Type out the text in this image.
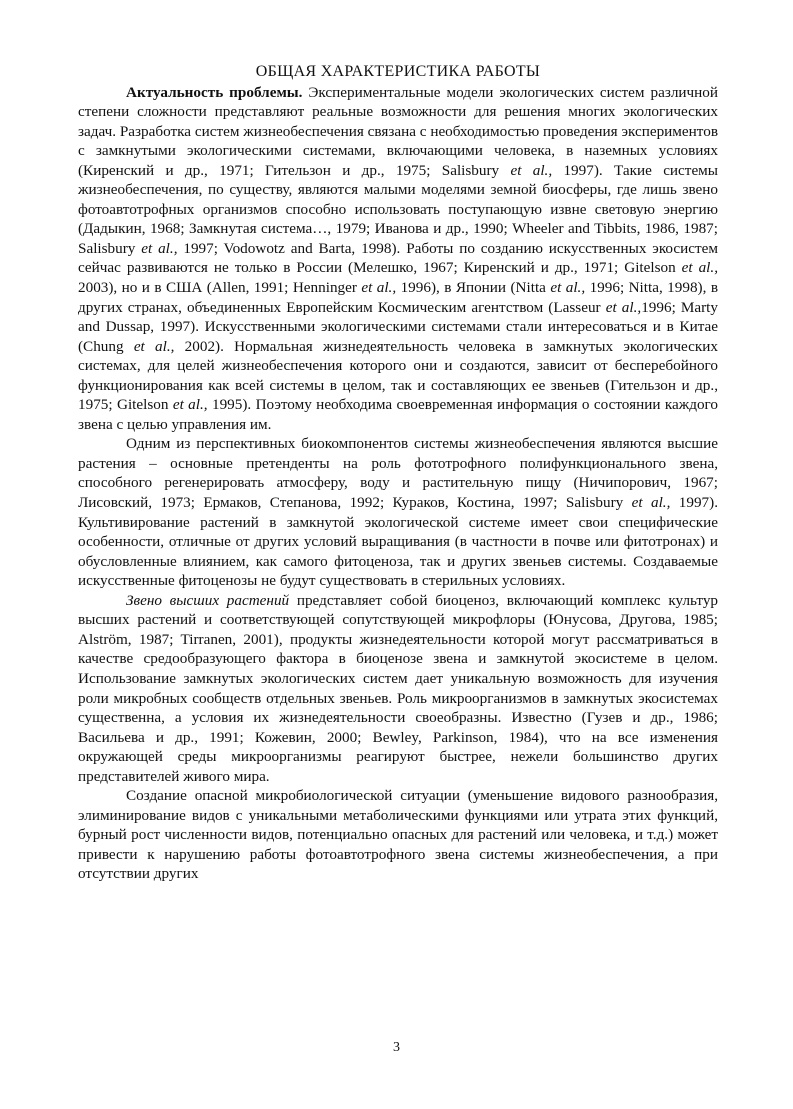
ОБЩАЯ ХАРАКТЕРИСТИКА РАБОТЫ

Актуальность проблемы. Экспериментальные модели экологических систем различной степени сложности представляют реальные возможности для решения многих экологических задач. Разработка систем жизнеобеспечения связана с необходимостью проведения экспериментов с замкнутыми экологическими системами, включающими человека, в наземных условиях (Киренский и др., 1971; Гительзон и др., 1975; Salisbury et al., 1997). Такие системы жизнеобеспечения, по существу, являются малыми моделями земной биосферы, где лишь звено фотоавтотрофных организмов способно использовать поступающую извне световую энергию (Дадыкин, 1968; Замкнутая система…, 1979; Иванова и др., 1990; Wheeler and Tibbits, 1986, 1987; Salisbury et al., 1997; Vodowotz and Barta, 1998). Работы по созданию искусственных экосистем сейчас развиваются не только в России (Мелешко, 1967; Киренский и др., 1971; Gitelson et al., 2003), но и в США (Allen, 1991; Henninger et al., 1996), в Японии (Nitta et al., 1996; Nitta, 1998), в других странах, объединенных Европейским Космическим агентством (Lasseur et al.,1996; Marty and Dussap, 1997). Искусственными экологическими системами стали интересоваться и в Китае (Chung et al., 2002). Нормальная жизнедеятельность человека в замкнутых экологических системах, для целей жизнеобеспечения которого они и создаются, зависит от бесперебойного функционирования как всей системы в целом, так и составляющих ее звеньев (Гительзон и др., 1975; Gitelson et al., 1995). Поэтому необходима своевременная информация о состоянии каждого звена с целью управления им.

Одним из перспективных биокомпонентов системы жизнеобеспечения являются высшие растения – основные претенденты на роль фототрофного полифункционального звена, способного регенерировать атмосферу, воду и растительную пищу (Ничипорович, 1967; Лисовский, 1973; Ермаков, Степанова, 1992; Кураков, Костина, 1997; Salisbury et al., 1997). Культивирование растений в замкнутой экологической системе имеет свои специфические особенности, отличные от других условий выращивания (в частности в почве или фитотронах) и обусловленные влиянием, как самого фитоценоза, так и других звеньев системы. Создаваемые искусственные фитоценозы не будут существовать в стерильных условиях.

Звено высших растений представляет собой биоценоз, включающий комплекс культур высших растений и соответствующей сопутствующей микрофлоры (Юнусова, Другова, 1985; Alström, 1987; Tirranen, 2001), продукты жизнедеятельности которой могут рассматриваться в качестве средообразующего фактора в биоценозе звена и замкнутой экосистеме в целом. Использование замкнутых экологических систем дает уникальную возможность для изучения роли микробных сообществ отдельных звеньев. Роль микроорганизмов в замкнутых экосистемах существенна, а условия их жизнедеятельности своеобразны. Известно (Гузев и др., 1986; Васильева и др., 1991; Кожевин, 2000; Bewley, Parkinson, 1984), что на все изменения окружающей среды микроорганизмы реагируют быстрее, нежели большинство других представителей живого мира.

Создание опасной микробиологической ситуации (уменьшение видового разнообразия, элиминирование видов с уникальными метаболическими функциями или утрата этих функций, бурный рост численности видов, потенциально опасных для растений или человека, и т.д.) может привести к нарушению работы фотоавтотрофного звена системы жизнеобеспечения, а при отсутствии других

3
